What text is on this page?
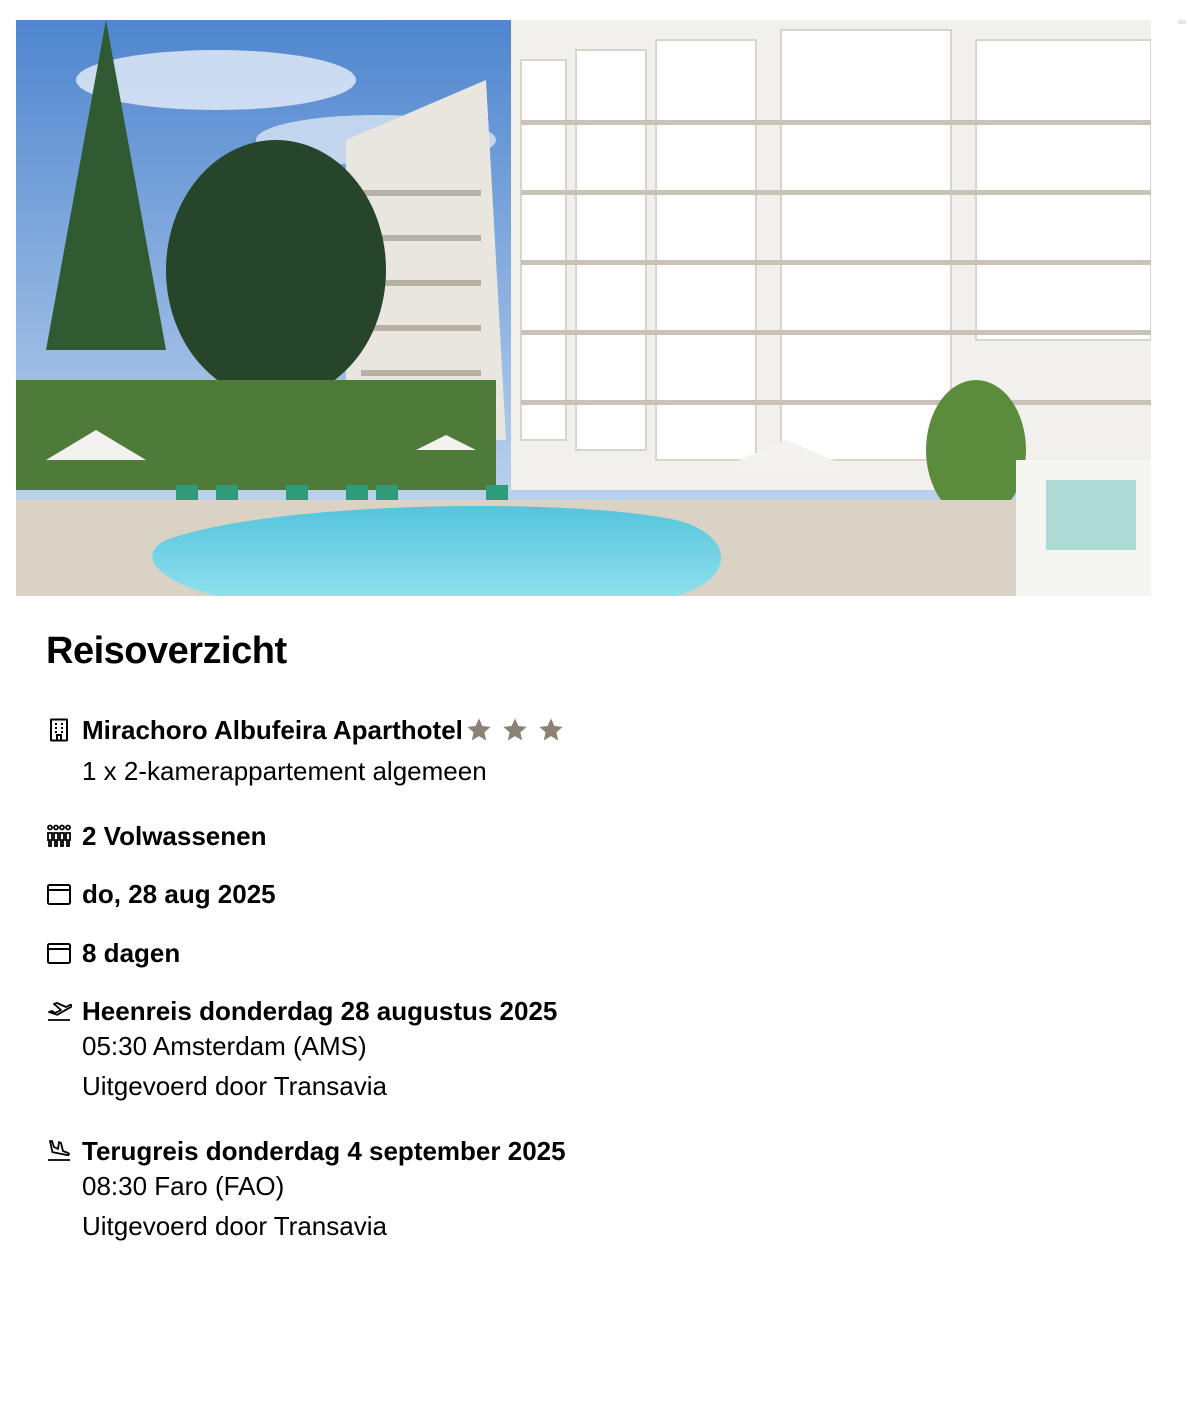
Reisoverzicht
Mirachoro Albufeira Aparthotel
1 x 2-kamerappartement algemeen
2 Volwassenen
do, 28 aug 2025
8 dagen
Heenreis donderdag 28 augustus 2025
05:30 Amsterdam (AMS)
Uitgevoerd door Transavia
Terugreis donderdag 4 september 2025
08:30 Faro (FAO)
Uitgevoerd door Transavia
